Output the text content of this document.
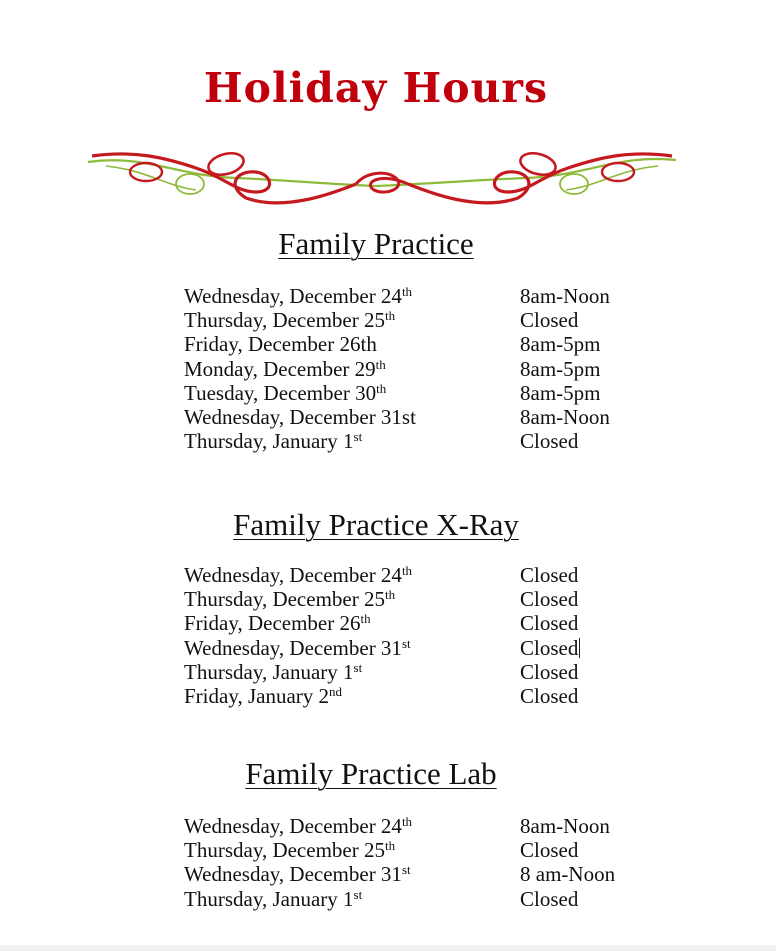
Holiday Hours
Family Practice
Wednesday, December 24th	8am-Noon
Thursday, December 25th	Closed
Friday, December 26th	8am-5pm
Monday, December 29th	8am-5pm
Tuesday, December 30th	8am-5pm
Wednesday, December 31st	8am-Noon
Thursday, January 1st	Closed
Family Practice X-Ray
Wednesday, December 24th	Closed
Thursday, December 25th	Closed
Friday, December 26th	Closed
Wednesday, December 31st	Closed
Thursday, January 1st	Closed
Friday, January 2nd	Closed
Family Practice Lab
Wednesday, December 24th	8am-Noon
Thursday, December 25th	Closed
Wednesday, December 31st	8 am-Noon
Thursday, January 1st	Closed
